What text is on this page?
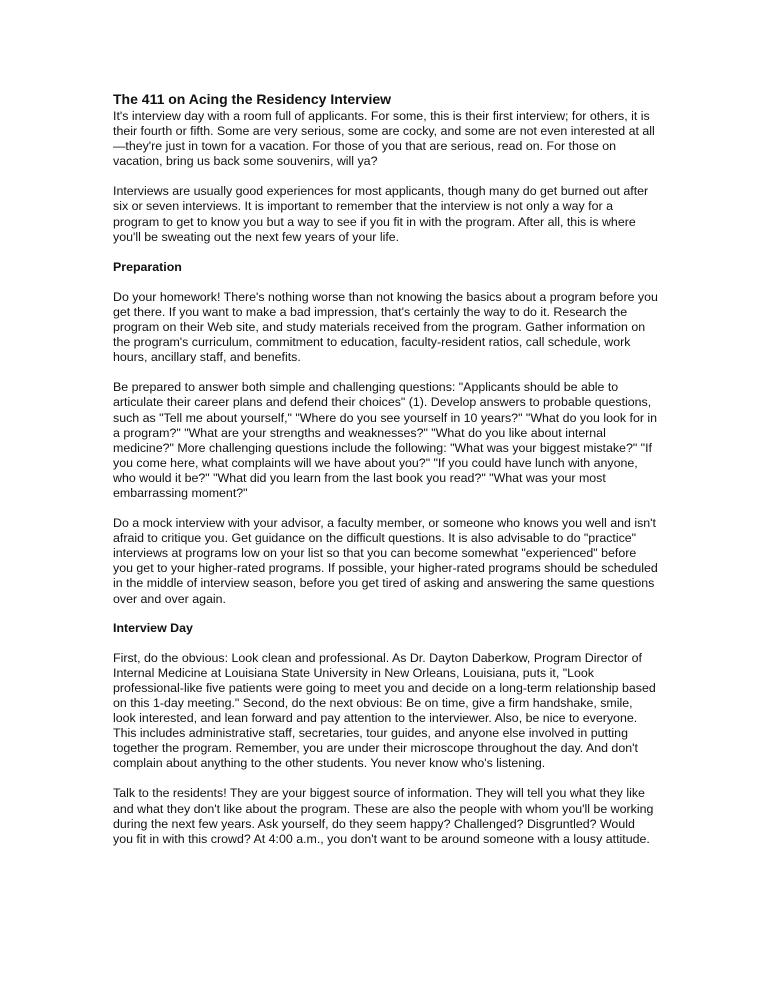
The 411 on Acing the Residency Interview

It's interview day with a room full of applicants. For some, this is their first interview; for others, it is their fourth or fifth. Some are very serious, some are cocky, and some are not even interested at all—they're just in town for a vacation. For those of you that are serious, read on. For those on vacation, bring us back some souvenirs, will ya?

Interviews are usually good experiences for most applicants, though many do get burned out after six or seven interviews. It is important to remember that the interview is not only a way for a program to get to know you but a way to see if you fit in with the program. After all, this is where you'll be sweating out the next few years of your life.

Preparation

Do your homework! There's nothing worse than not knowing the basics about a program before you get there. If you want to make a bad impression, that's certainly the way to do it. Research the program on their Web site, and study materials received from the program. Gather information on the program's curriculum, commitment to education, faculty-resident ratios, call schedule, work hours, ancillary staff, and benefits.

Be prepared to answer both simple and challenging questions: "Applicants should be able to articulate their career plans and defend their choices" (1). Develop answers to probable questions, such as "Tell me about yourself," "Where do you see yourself in 10 years?" "What do you look for in a program?" "What are your strengths and weaknesses?" "What do you like about internal medicine?" More challenging questions include the following: "What was your biggest mistake?" "If you come here, what complaints will we have about you?" "If you could have lunch with anyone, who would it be?" "What did you learn from the last book you read?" "What was your most embarrassing moment?"

Do a mock interview with your advisor, a faculty member, or someone who knows you well and isn't afraid to critique you. Get guidance on the difficult questions. It is also advisable to do "practice" interviews at programs low on your list so that you can become somewhat "experienced" before you get to your higher-rated programs. If possible, your higher-rated programs should be scheduled in the middle of interview season, before you get tired of asking and answering the same questions over and over again.

Interview Day

First, do the obvious: Look clean and professional. As Dr. Dayton Daberkow, Program Director of Internal Medicine at Louisiana State University in New Orleans, Louisiana, puts it, "Look professional-like five patients were going to meet you and decide on a long-term relationship based on this 1-day meeting." Second, do the next obvious: Be on time, give a firm handshake, smile, look interested, and lean forward and pay attention to the interviewer. Also, be nice to everyone. This includes administrative staff, secretaries, tour guides, and anyone else involved in putting together the program. Remember, you are under their microscope throughout the day. And don't complain about anything to the other students. You never know who's listening.

Talk to the residents! They are your biggest source of information. They will tell you what they like and what they don't like about the program. These are also the people with whom you'll be working during the next few years. Ask yourself, do they seem happy? Challenged? Disgruntled? Would you fit in with this crowd? At 4:00 a.m., you don't want to be around someone with a lousy attitude.
